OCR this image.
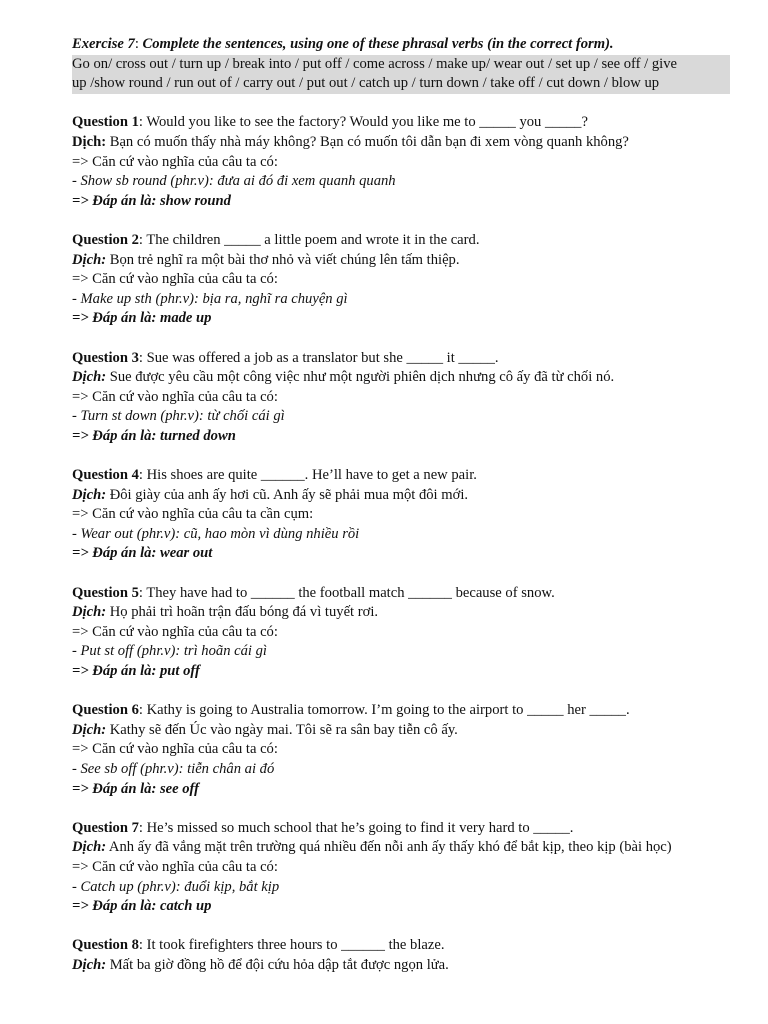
Exercise 7: Complete the sentences, using one of these phrasal verbs (in the correct form).

Go on/ cross out / turn up / break into / put off / come across / make up/ wear out / set up / see off / give

up /show round / run out of / carry out / put out / catch up / turn down / take off / cut down / blow up

Question 1: Would you like to see the factory? Would you like me to _____ you _____?

Dịch: Bạn có muốn thấy nhà máy không? Bạn có muốn tôi dẫn bạn đi xem vòng quanh không?

=> Căn cứ vào nghĩa của câu ta có:

- Show sb round (phr.v): đưa ai đó đi xem quanh quanh

=> Đáp án là: show round

Question 2: The children _____ a little poem and wrote it in the card.

Dịch: Bọn trẻ nghĩ ra một bài thơ nhỏ và viết chúng lên tấm thiệp.

=> Căn cứ vào nghĩa của câu ta có:

- Make up sth (phr.v): bịa ra, nghĩ ra chuyện gì

=> Đáp án là: made up

Question 3: Sue was offered a job as a translator but she _____ it _____.

Dịch: Sue được yêu cầu một công việc như một người phiên dịch nhưng cô ấy đã từ chối nó.

=> Căn cứ vào nghĩa của câu ta có:

- Turn st down (phr.v): từ chối cái gì

=> Đáp án là: turned down

Question 4: His shoes are quite ______. He’ll have to get a new pair.

Dịch: Đôi giày của anh ấy hơi cũ. Anh ấy sẽ phải mua một đôi mới.

=> Căn cứ vào nghĩa của câu ta cần cụm:

- Wear out (phr.v): cũ, hao mòn vì dùng nhiều rồi

=> Đáp án là: wear out

Question 5: They have had to ______ the football match ______ because of snow.

Dịch: Họ phải trì hoãn trận đấu bóng đá vì tuyết rơi.

=> Căn cứ vào nghĩa của câu ta có:

- Put st off (phr.v): trì hoãn cái gì

=> Đáp án là: put off

Question 6: Kathy is going to Australia tomorrow. I’m going to the airport to _____ her _____.

Dịch: Kathy sẽ đến Úc vào ngày mai. Tôi sẽ ra sân bay tiễn cô ấy.

=> Căn cứ vào nghĩa của câu ta có:

- See sb off (phr.v): tiễn chân ai đó

=> Đáp án là: see off

Question 7: He’s missed so much school that he’s going to find it very hard to _____.

Dịch: Anh ấy đã vắng mặt trên trường quá nhiều đến nỗi anh ấy thấy khó để bắt kịp, theo kịp (bài học)

=> Căn cứ vào nghĩa của câu ta có:

- Catch up (phr.v): đuổi kịp, bắt kịp

=> Đáp án là: catch up

Question 8: It took firefighters three hours to ______ the blaze.

Dịch: Mất ba giờ đồng hồ để đội cứu hỏa dập tắt được ngọn lửa.
